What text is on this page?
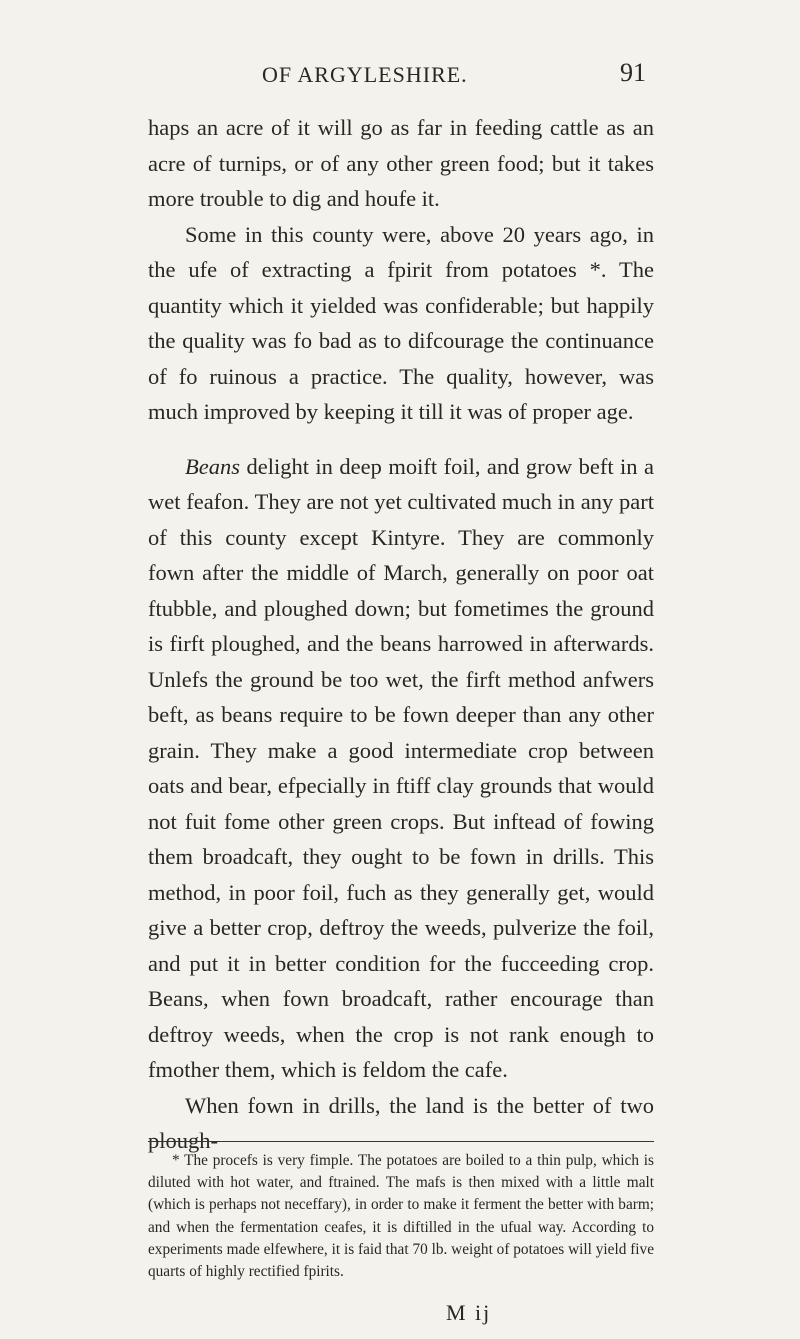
OF ARGYLESHIRE.	91

haps an acre of it will go as far in feeding cattle as an acre of turnips, or of any other green food; but it takes more trouble to dig and houfe it.

Some in this county were, above 20 years ago, in the ufe of extracting a fpirit from potatoes *. The quantity which it yielded was confiderable; but happily the quality was fo bad as to difcourage the continuance of fo ruinous a practice. The quality, however, was much improved by keeping it till it was of proper age.

Beans delight in deep moift foil, and grow beft in a wet feafon. They are not yet cultivated much in any part of this county except Kintyre. They are commonly fown after the middle of March, generally on poor oat ftubble, and ploughed down; but fometimes the ground is firft ploughed, and the beans harrowed in afterwards. Unlefs the ground be too wet, the firft method anfwers beft, as beans require to be fown deeper than any other grain. They make a good intermediate crop between oats and bear, efpecially in ftiff clay grounds that would not fuit fome other green crops. But inftead of fowing them broadcaft, they ought to be fown in drills. This method, in poor foil, fuch as they generally get, would give a better crop, deftroy the weeds, pulverize the foil, and put it in better condition for the fucceeding crop. Beans, when fown broadcaft, rather encourage than deftroy weeds, when the crop is not rank enough to fmother them, which is feldom the cafe.

When fown in drills, the land is the better of two plough-

* The procefs is very fimple. The potatoes are boiled to a thin pulp, which is diluted with hot water, and ftrained. The mafs is then mixed with a little malt (which is perhaps not neceffary), in order to make it ferment the better with barm; and when the fermentation ceafes, it is diftilled in the ufual way. According to experiments made elfewhere, it is faid that 70 lb. weight of potatoes will yield five quarts of highly rectified fpirits.

M ij
